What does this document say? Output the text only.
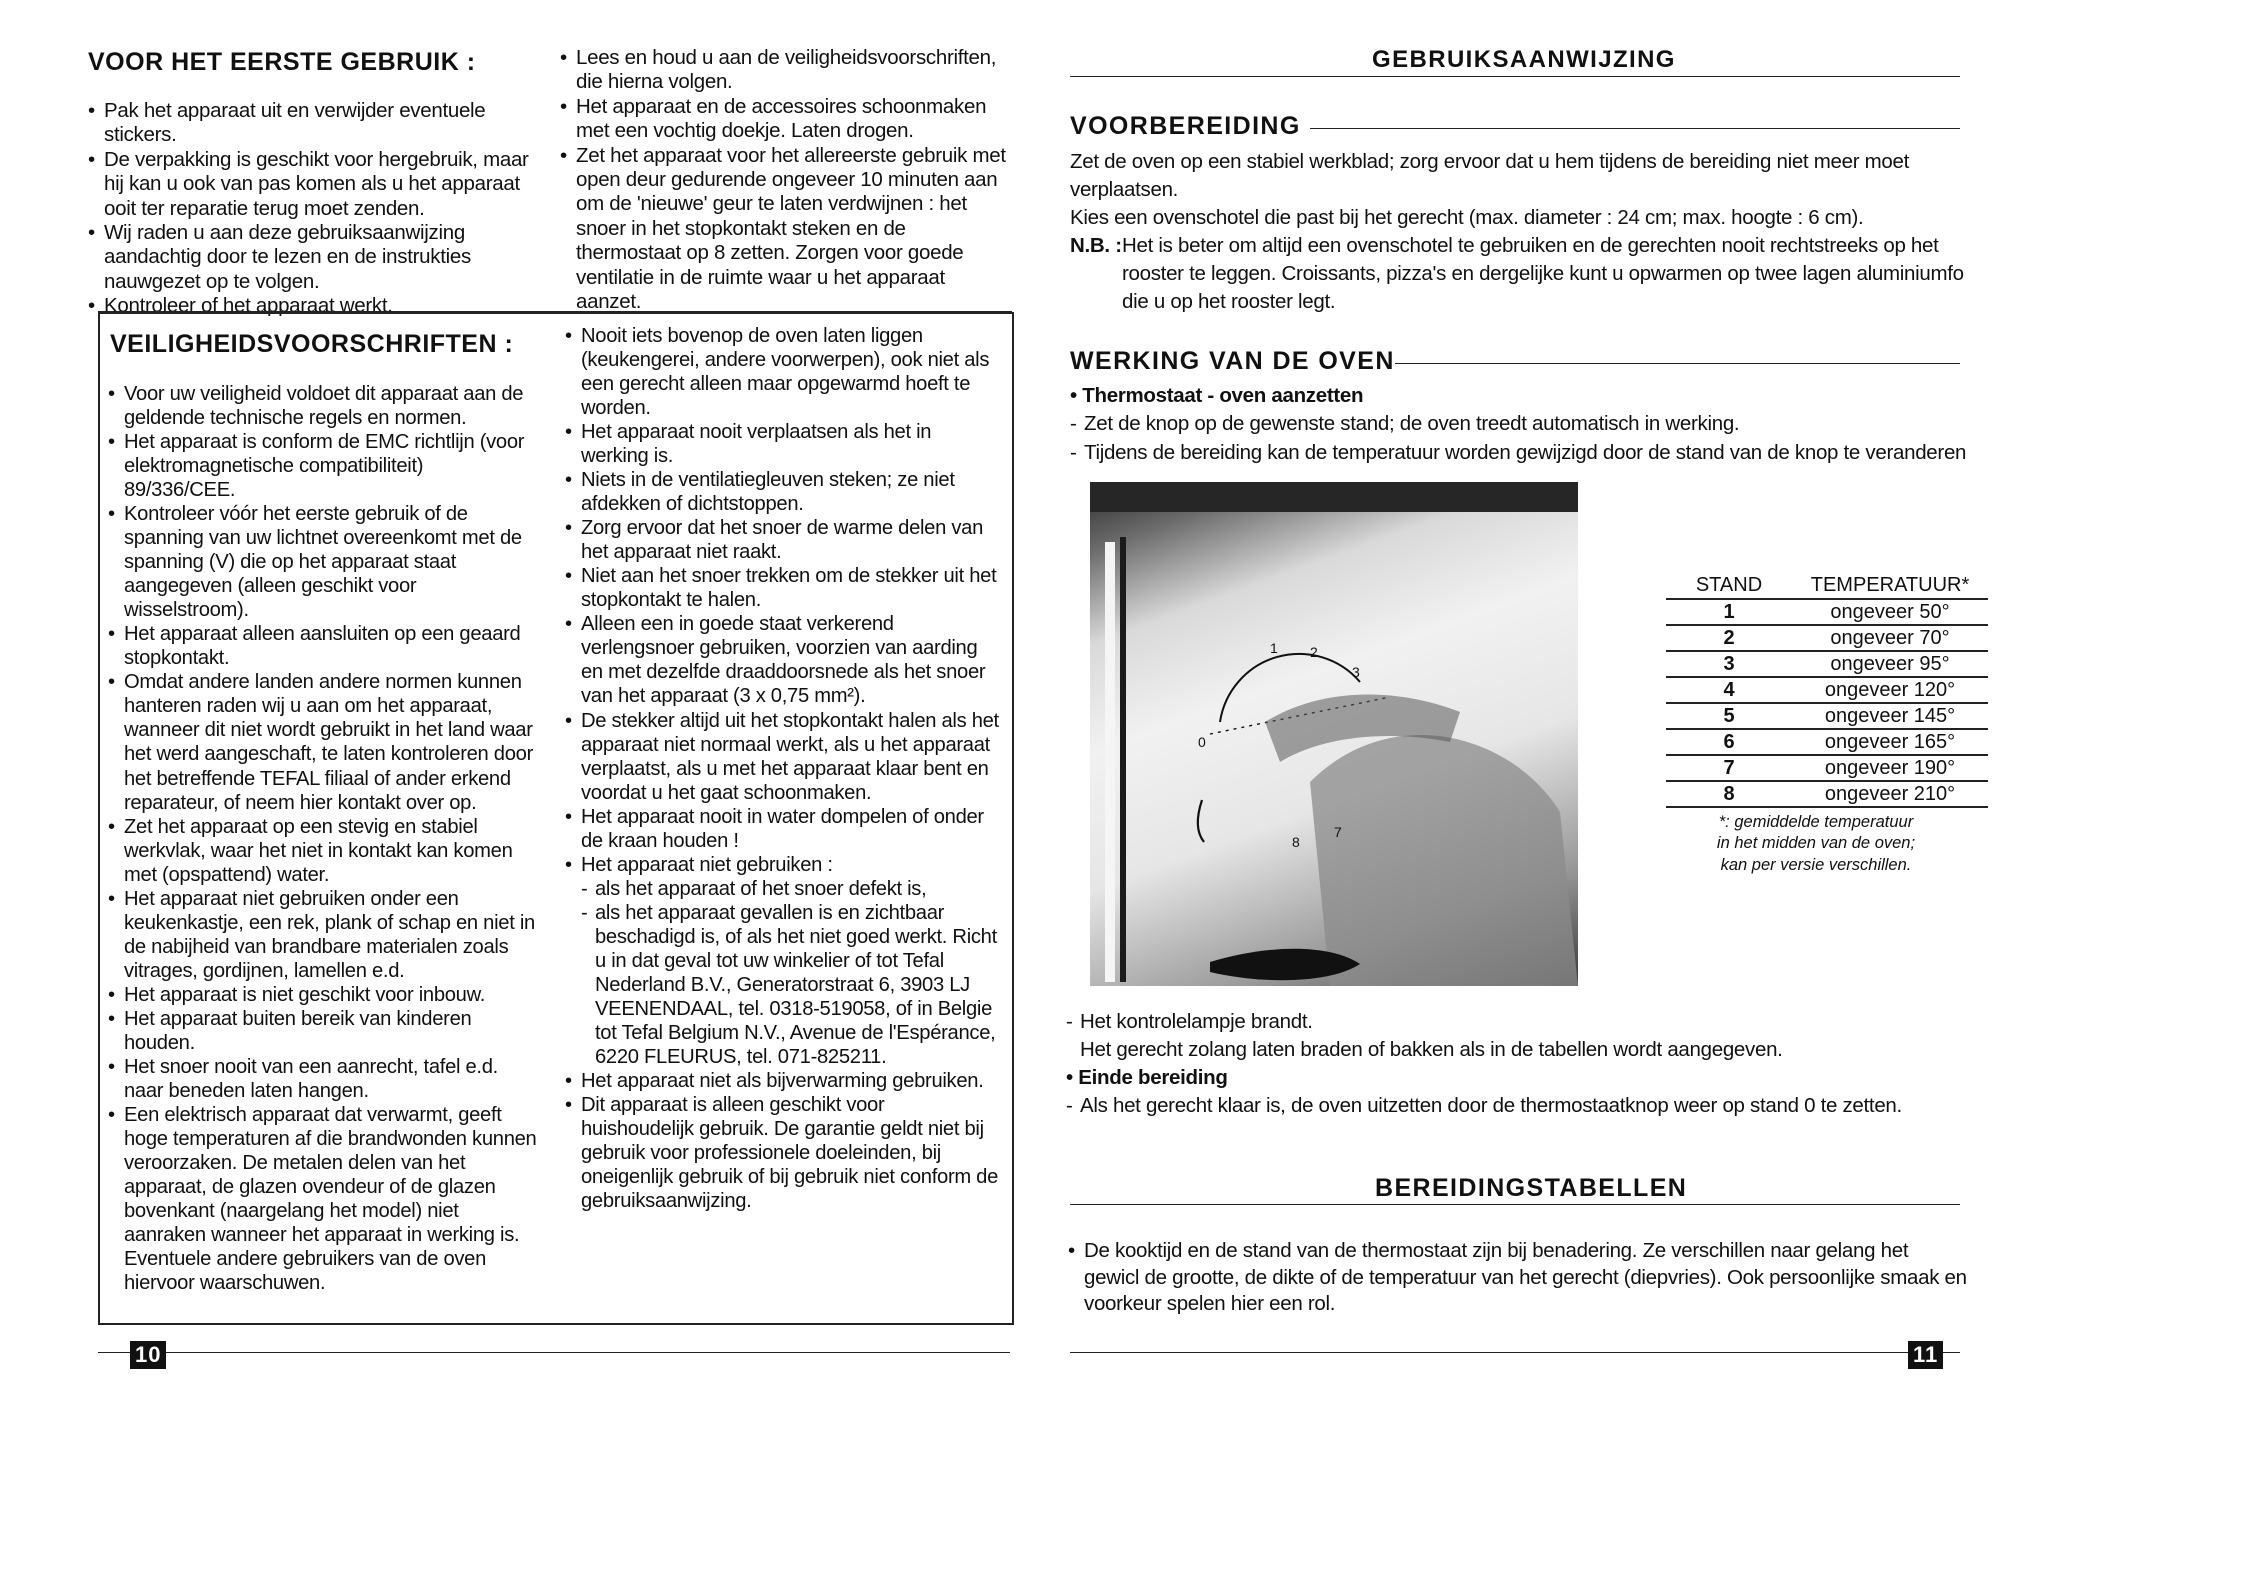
VOOR HET EERSTE GEBRUIK :
• Pak het apparaat uit en verwijder eventuele stickers.
• De verpakking is geschikt voor hergebruik, maar hij kan u ook van pas komen als u het apparaat ooit ter reparatie terug moet zenden.
• Wij raden u aan deze gebruiksaanwijzing aandachtig door te lezen en de instrukties nauwgezet op te volgen.
• Kontroleer of het apparaat werkt.
• Lees en houd u aan de veiligheidsvoorschriften, die hierna volgen.
• Het apparaat en de accessoires schoonmaken met een vochtig doekje. Laten drogen.
• Zet het apparaat voor het allereerste gebruik met open deur gedurende ongeveer 10 minuten aan om de 'nieuwe' geur te laten verdwijnen : het snoer in het stopkontakt steken en de thermostaat op 8 zetten. Zorgen voor goede ventilatie in de ruimte waar u het apparaat aanzet.
VEILIGHEIDSVOORSCHRIFTEN :
• Voor uw veiligheid voldoet dit apparaat aan de geldende technische regels en normen.
• Het apparaat is conform de EMC richtlijn (voor elektromagnetische compatibiliteit) 89/336/CEE.
• Kontroleer vóór het eerste gebruik of de spanning van uw lichtnet overeenkomt met de spanning (V) die op het apparaat staat aangegeven (alleen geschikt voor wisselstroom).
• Het apparaat alleen aansluiten op een geaard stopkontakt.
• Omdat andere landen andere normen kunnen hanteren raden wij u aan om het apparaat, wanneer dit niet wordt gebruikt in het land waar het werd aangeschaft, te laten kontroleren door het betreffende TEFAL filiaal of ander erkend reparateur, of neem hier kontakt over op.
• Zet het apparaat op een stevig en stabiel werkvlak, waar het niet in kontakt kan komen met (opspattend) water.
• Het apparaat niet gebruiken onder een keukenkastje, een rek, plank of schap en niet in de nabijheid van brandbare materialen zoals vitrages, gordijnen, lamellen e.d.
• Het apparaat is niet geschikt voor inbouw.
• Het apparaat buiten bereik van kinderen houden.
• Het snoer nooit van een aanrecht, tafel e.d. naar beneden laten hangen.
• Een elektrisch apparaat dat verwarmt, geeft hoge temperaturen af die brandwonden kunnen veroorzaken. De metalen delen van het apparaat, de glazen ovendeur of de glazen bovenkant (naargelang het model) niet aanraken wanneer het apparaat in werking is. Eventuele andere gebruikers van de oven hiervoor waarschuwen.
• Nooit iets bovenop de oven laten liggen (keukengerei, andere voorwerpen), ook niet als een gerecht alleen maar opgewarmd hoeft te worden.
• Het apparaat nooit verplaatsen als het in werking is.
• Niets in de ventilatiegleuven steken; ze niet afdekken of dichtstoppen.
• Zorg ervoor dat het snoer de warme delen van het apparaat niet raakt.
• Niet aan het snoer trekken om de stekker uit het stopkontakt te halen.
• Alleen een in goede staat verkerend verlengsnoer gebruiken, voorzien van aarding en met dezelfde draaddoorsnede als het snoer van het apparaat (3 x 0,75 mm²).
• De stekker altijd uit het stopkontakt halen als het apparaat niet normaal werkt, als u het apparaat verplaatst, als u met het apparaat klaar bent en voordat u het gaat schoonmaken.
• Het apparaat nooit in water dompelen of onder de kraan houden !
• Het apparaat niet gebruiken :
- als het apparaat of het snoer defekt is,
- als het apparaat gevallen is en zichtbaar beschadigd is, of als het niet goed werkt. Richt u in dat geval tot uw winkelier of tot Tefal Nederland B.V., Generatorstraat 6, 3903 LJ VEENENDAAL, tel. 0318-519058, of in Belgie tot Tefal Belgium N.V., Avenue de l'Espérance, 6220 FLEURUS, tel. 071-825211.
• Het apparaat niet als bijverwarming gebruiken.
• Dit apparaat is alleen geschikt voor huishoudelijk gebruik. De garantie geldt niet bij gebruik voor professionele doeleinden, bij oneigenlijk gebruik of bij gebruik niet conform de gebruiksaanwijzing.
10
GEBRUIKSAANWIJZING
VOORBEREIDING

Zet de oven op een stabiel werkblad; zorg ervoor dat u hem tijdens de bereiding niet meer moet verplaatsen.

Kies een ovenschotel die past bij het gerecht (max. diameter : 24 cm; max. hoogte : 6 cm).

N.B. : Het is beter om altijd een ovenschotel te gebruiken en de gerechten nooit rechtstreeks op het rooster te leggen. Croissants, pizza's en dergelijke kunt u opwarmen op twee lagen aluminiumfo die u op het rooster legt.
WERKING VAN DE OVEN
• Thermostaat - oven aanzetten
- Zet de knop op de gewenste stand; de oven treedt automatisch in werking.
- Tijdens de bereiding kan de temperatuur worden gewijzigd door de stand van de knop te veranderen
0
1 2
3
7
8
STAND	TEMPERATUUR*
1	ongeveer 50°
2	ongeveer 70°
3	ongeveer 95°
4	ongeveer 120°
5	ongeveer 145°
6	ongeveer 165°
7	ongeveer 190°
8	ongeveer 210°
*: gemiddelde temperatuur
in het midden van de oven;
kan per versie verschillen.
- Het kontrolelampje brandt.
Het gerecht zolang laten braden of bakken als in de tabellen wordt aangegeven.
• Einde bereiding
- Als het gerecht klaar is, de oven uitzetten door de thermostaatknop weer op stand 0 te zetten.
BEREIDINGSTABELLEN
• De kooktijd en de stand van de thermostaat zijn bij benadering. Ze verschillen naar gelang het gewicl de grootte, de dikte of de temperatuur van het gerecht (diepvries). Ook persoonlijke smaak en voorkeur spelen hier een rol.
11
